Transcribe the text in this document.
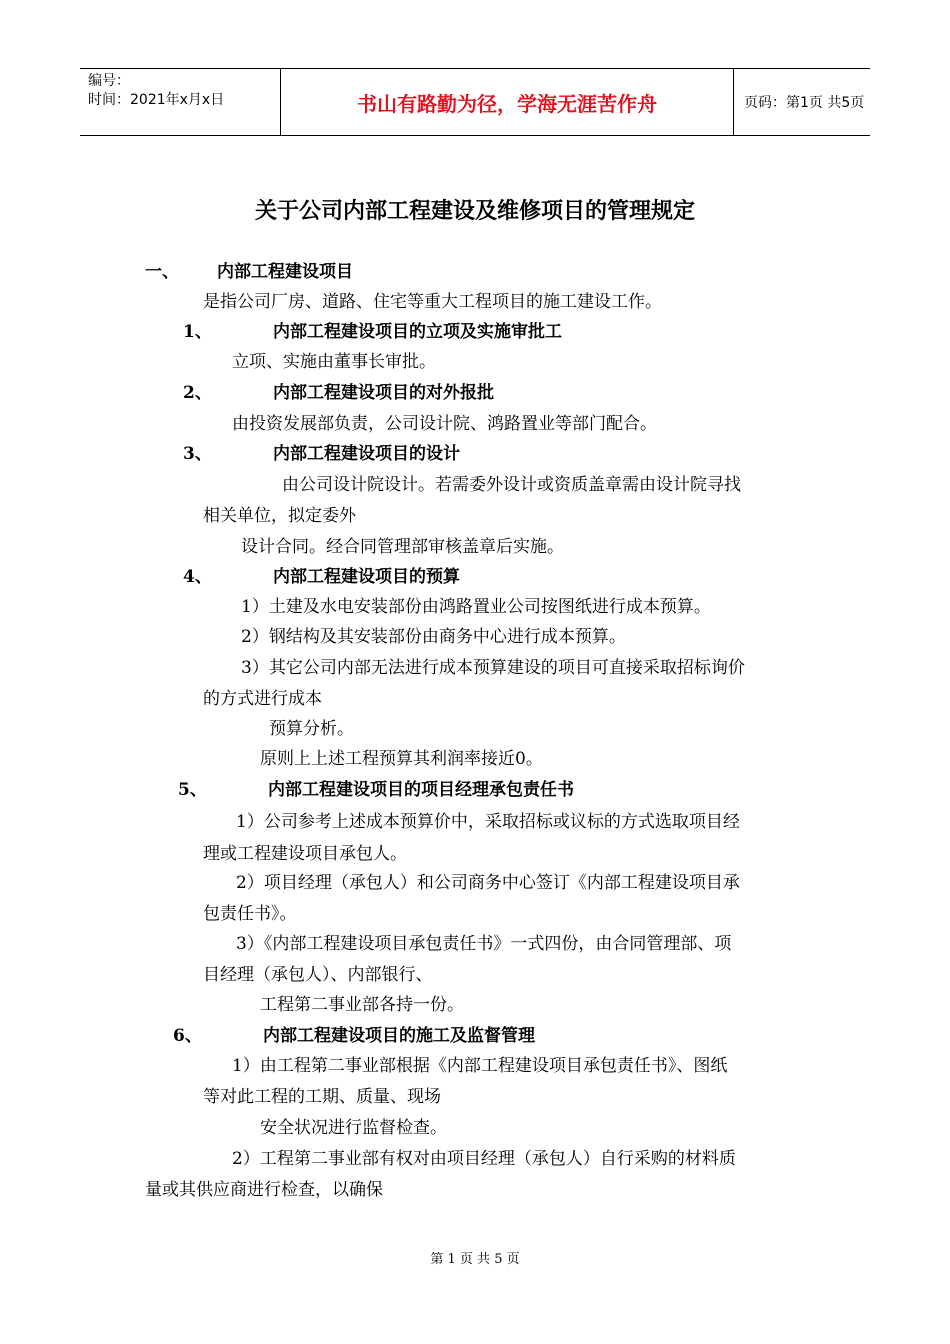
编号：
时间：2021年x月x日	书山有路勤为径，学海无涯苦作舟	页码：第1页 共5页
关于公司内部工程建设及维修项目的管理规定
一、 内部工程建设项目
是指公司厂房、道路、住宅等重大工程项目的施工建设工作。
1、	内部工程建设项目的立项及实施审批工
立项、实施由董事长审批。
2、	内部工程建设项目的对外报批
由投资发展部负责，公司设计院、鸿路置业等部门配合。
3、	内部工程建设项目的设计
由公司设计院设计。若需委外设计或资质盖章需由设计院寻找
相关单位，拟定委外
设计合同。经合同管理部审核盖章后实施。
4、	内部工程建设项目的预算
1）土建及水电安装部份由鸿路置业公司按图纸进行成本预算。
2）钢结构及其安装部份由商务中心进行成本预算。
3）其它公司内部无法进行成本预算建设的项目可直接采取招标询价
的方式进行成本
预算分析。
原则上上述工程预算其利润率接近0。
5、	内部工程建设项目的项目经理承包责任书
1）公司参考上述成本预算价中，采取招标或议标的方式选取项目经
理或工程建设项目承包人。
2）项目经理（承包人）和公司商务中心签订《内部工程建设项目承
包责任书》。
3）《内部工程建设项目承包责任书》一式四份，由合同管理部、项
目经理（承包人）、内部银行、
工程第二事业部各持一份。
6、	内部工程建设项目的施工及监督管理
1）由工程第二事业部根据《内部工程建设项目承包责任书》、图纸
等对此工程的工期、质量、现场
安全状况进行监督检查。
2）工程第二事业部有权对由项目经理（承包人）自行采购的材料质
量或其供应商进行检查，以确保
第 1 页 共 5 页
